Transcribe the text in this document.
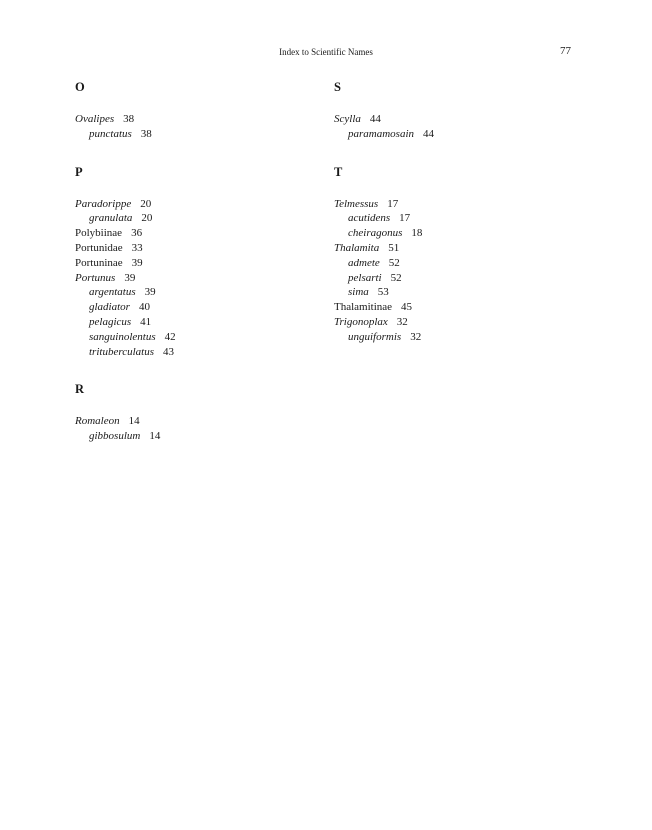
Index to Scientific Names	77
O
Ovalipes 38
punctatus 38
P
Paradorippe 20
granulata 20
Polybiinae 36
Portunidae 33
Portuninae 39
Portunus 39
argentatus 39
gladiator 40
pelagicus 41
sanguinolentus 42
trituberculatus 43
R
Romaleon 14
gibbosulum 14
S
Scylla 44
paramamosain 44
T
Telmessus 17
acutidens 17
cheiragonus 18
Thalamita 51
admete 52
pelsarti 52
sima 53
Thalamitinae 45
Trigonoplax 32
unguiformis 32
